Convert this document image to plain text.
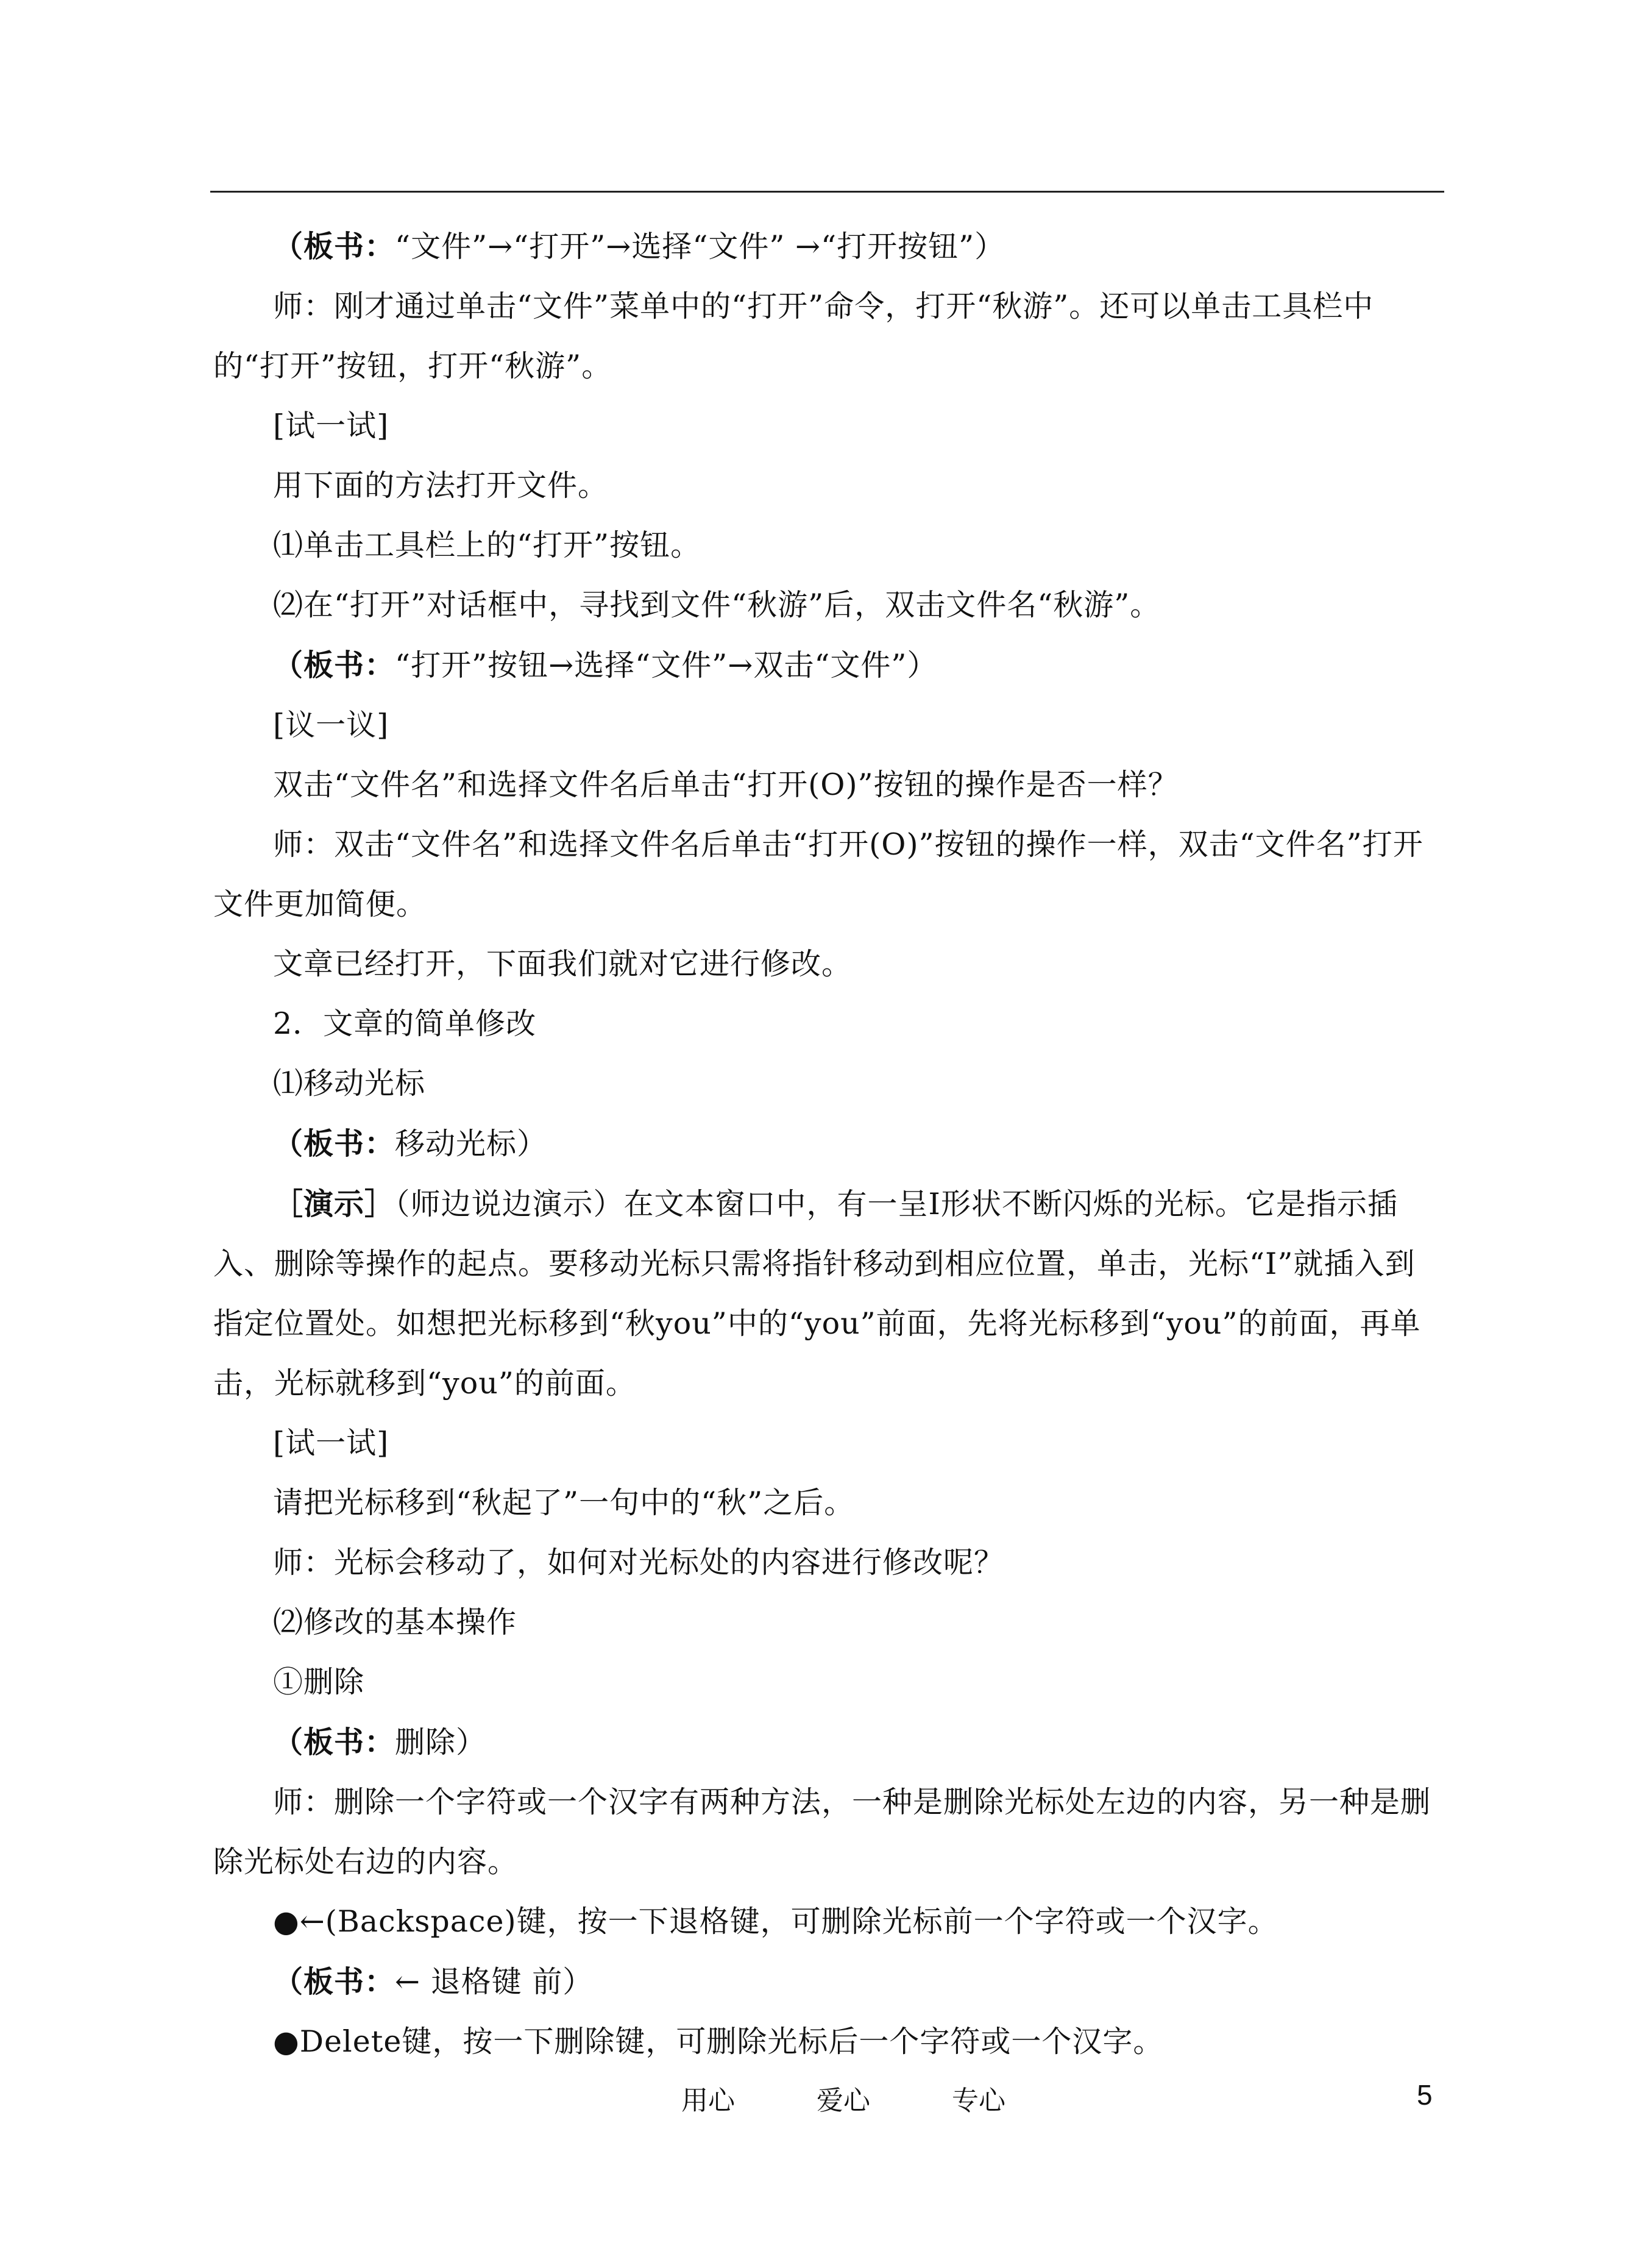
（板书：“文件”→“打开”→选择“文件” →“打开按钮”）

师：刚才通过单击“文件”菜单中的“打开”命令，打开“秋游”。还可以单击工具栏中的“打开”按钮，打开“秋游”。

[试一试]

用下面的方法打开文件。

⑴单击工具栏上的“打开”按钮。

⑵在“打开”对话框中，寻找到文件“秋游”后，双击文件名“秋游”。

（板书：“打开”按钮→选择“文件”→双击“文件”）

[议一议]

双击“文件名”和选择文件名后单击“打开(O)”按钮的操作是否一样？

师：双击“文件名”和选择文件名后单击“打开(O)”按钮的操作一样，双击“文件名”打开文件更加简便。

文章已经打开，下面我们就对它进行修改。

2．文章的简单修改

⑴移动光标

（板书：移动光标）

［演示］（师边说边演示）在文本窗口中，有一呈Ⅰ形状不断闪烁的光标。它是指示插入、删除等操作的起点。要移动光标只需将指针移动到相应位置，单击，光标“Ⅰ”就插入到指定位置处。如想把光标移到“秋you”中的“you”前面，先将光标移到“you”的前面，再单击，光标就移到“you”的前面。

[试一试]

请把光标移到“秋起了”一句中的“秋”之后。

师：光标会移动了，如何对光标处的内容进行修改呢？

⑵修改的基本操作

①删除

（板书：删除）

师：删除一个字符或一个汉字有两种方法，一种是删除光标处左边的内容，另一种是删除光标处右边的内容。

●←(Backspace)键，按一下退格键，可删除光标前一个字符或一个汉字。

（板书：← 退格键 前）

●Delete键，按一下删除键，可删除光标后一个字符或一个汉字。

用心	爱心	专心	5
